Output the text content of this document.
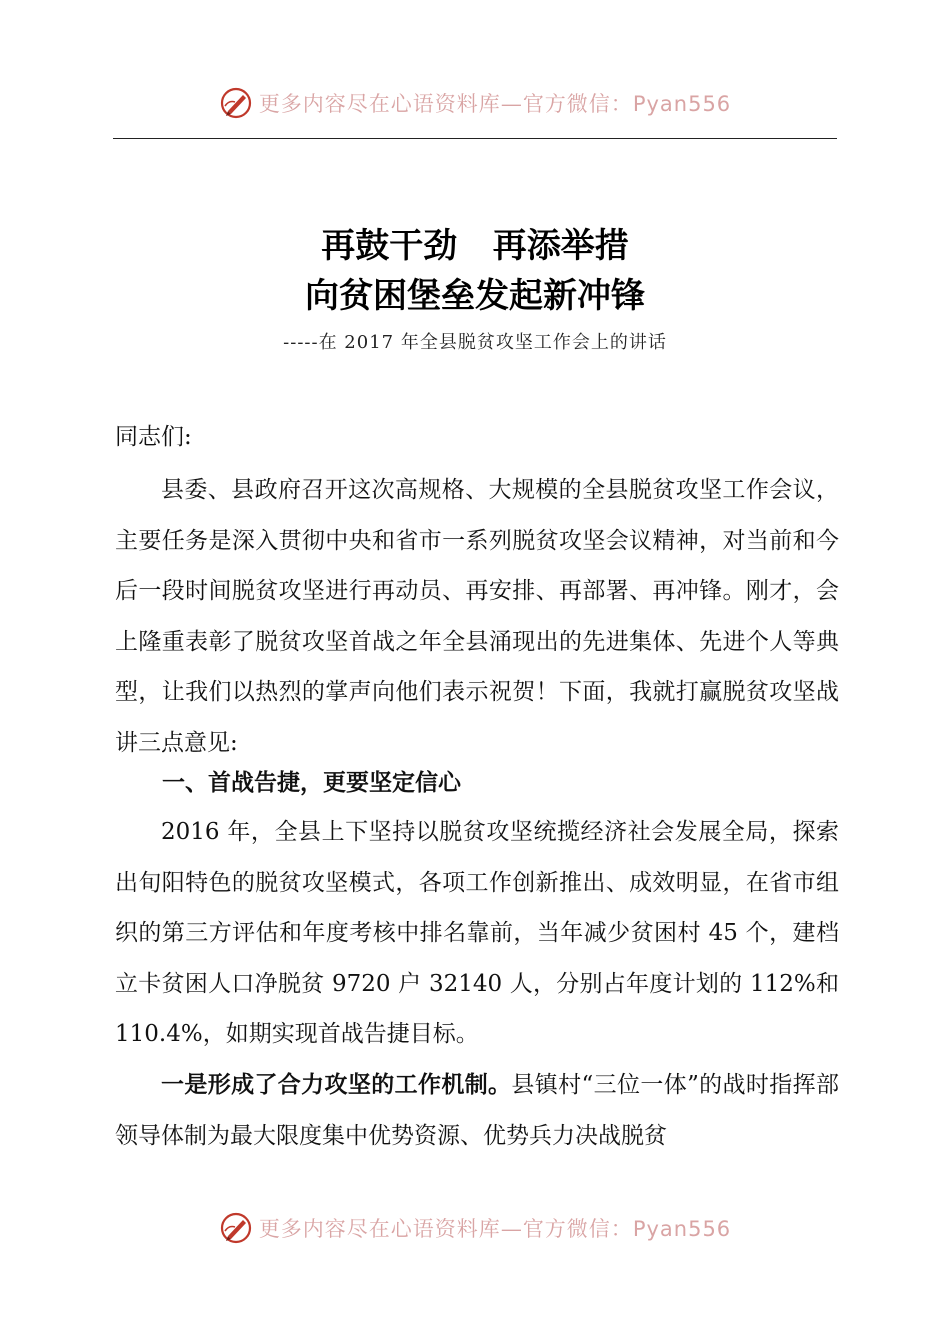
更多内容尽在心语资料库—官方微信：Pyan556
再鼓干劲   再添举措
向贫困堡垒发起新冲锋
-----在 2017 年全县脱贫攻坚工作会上的讲话
同志们:
县委、县政府召开这次高规格、大规模的全县脱贫攻坚工作会议，主要任务是深入贯彻中央和省市一系列脱贫攻坚会议精神，对当前和今后一段时间脱贫攻坚进行再动员、再安排、再部署、再冲锋。刚才，会上隆重表彰了脱贫攻坚首战之年全县涌现出的先进集体、先进个人等典型，让我们以热烈的掌声向他们表示祝贺！下面，我就打赢脱贫攻坚战讲三点意见:
一、首战告捷，更要坚定信心
2016 年，全县上下坚持以脱贫攻坚统揽经济社会发展全局，探索出旬阳特色的脱贫攻坚模式，各项工作创新推出、成效明显，在省市组织的第三方评估和年度考核中排名靠前，当年减少贫困村 45 个，建档立卡贫困人口净脱贫 9720 户 32140 人，分别占年度计划的 112%和 110.4%，如期实现首战告捷目标。
一是形成了合力攻坚的工作机制。县镇村“三位一体”的战时指挥部领导体制为最大限度集中优势资源、优势兵力决战脱贫
更多内容尽在心语资料库—官方微信：Pyan556
